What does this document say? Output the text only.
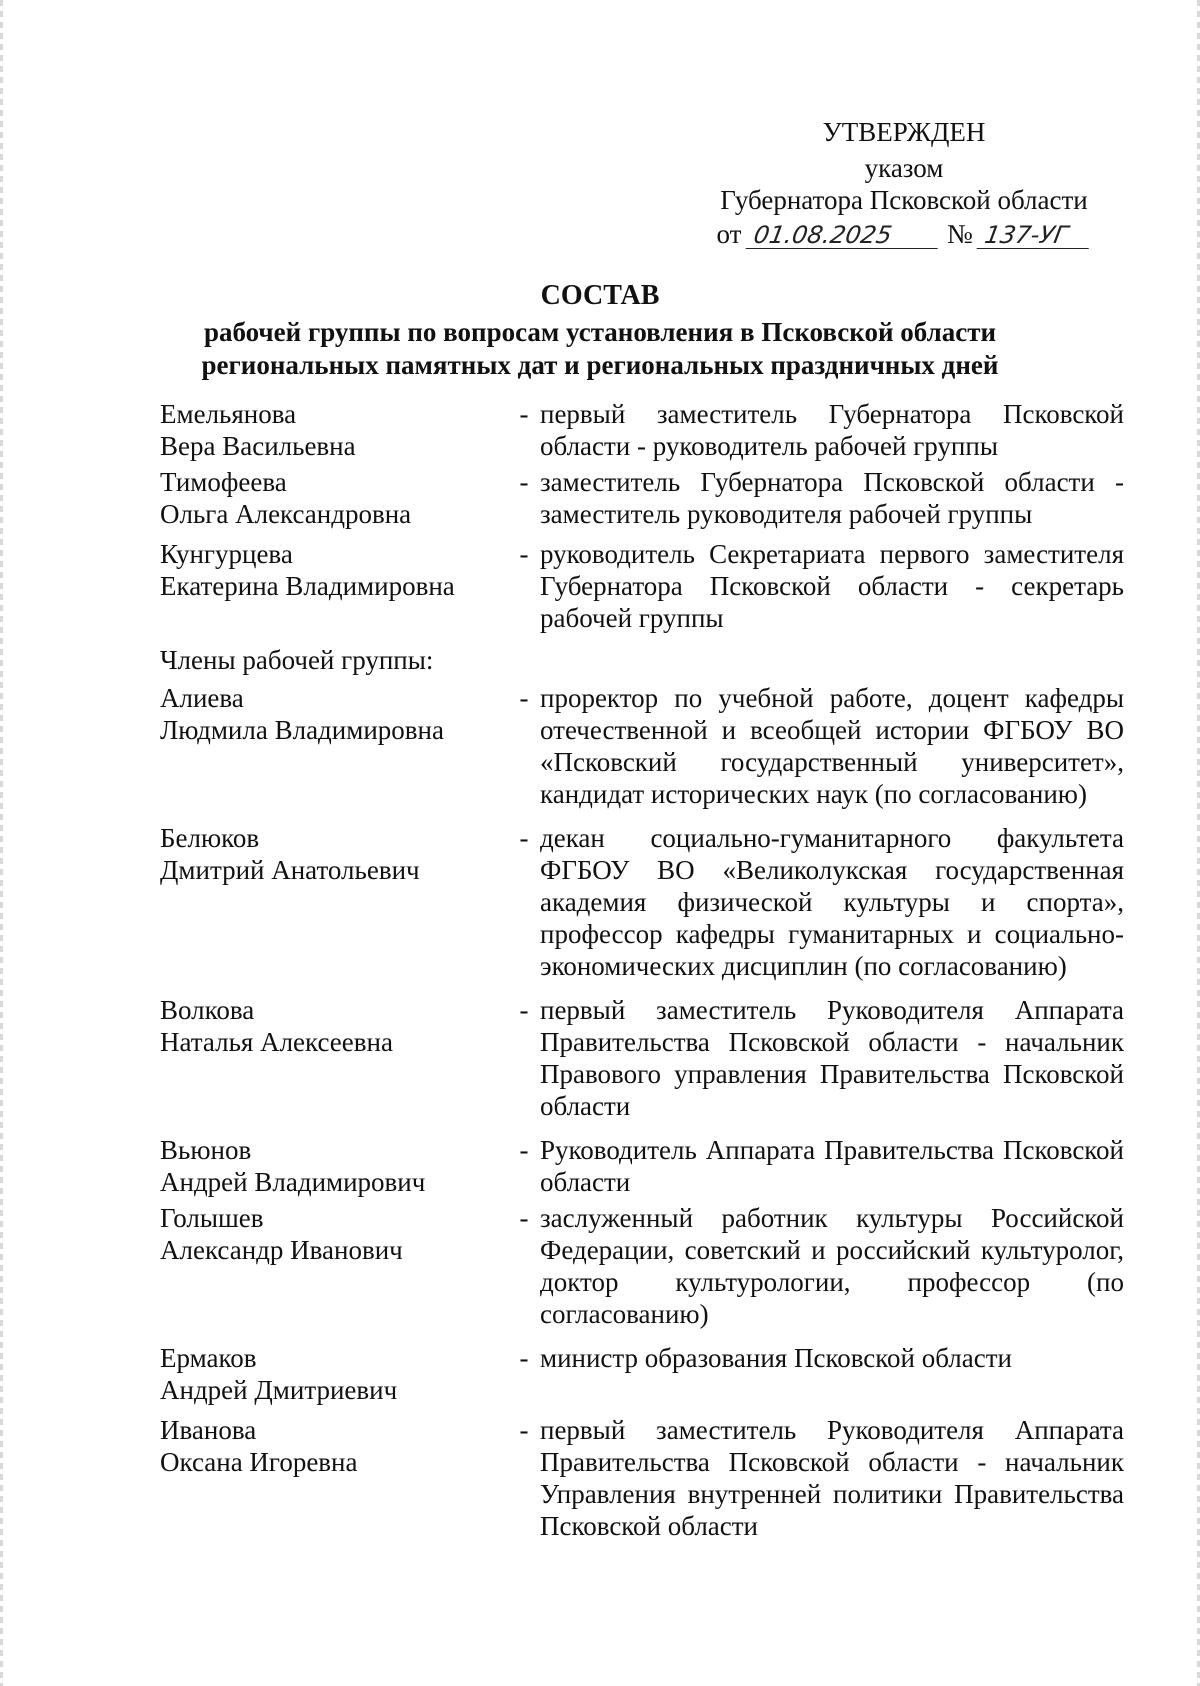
УТВЕРЖДЕН
указом
Губернатора Псковской области
от 01.08.2025 № 137-УГ
СОСТАВ
рабочей группы по вопросам установления в Псковской области
региональных памятных дат и региональных праздничных дней
Емельянова
Вера Васильевна
- первый заместитель Губернатора Псковской области - руководитель рабочей группы
Тимофеева
Ольга Александровна
- заместитель Губернатора Псковской области - заместитель руководителя рабочей группы
Кунгурцева
Екатерина Владимировна
- руководитель Секретариата первого заместителя Губернатора Псковской области - секретарь рабочей группы
Члены рабочей группы:
Алиева
Людмила Владимировна
- проректор по учебной работе, доцент кафедры отечественной и всеобщей истории ФГБОУ ВО «Псковский государственный университет», кандидат исторических наук (по согласованию)
Белюков
Дмитрий Анатольевич
- декан социально-гуманитарного факультета ФГБОУ ВО «Великолукская государственная академия физической культуры и спорта», профессор кафедры гуманитарных и социально-экономических дисциплин (по согласованию)
Волкова
Наталья Алексеевна
- первый заместитель Руководителя Аппарата Правительства Псковской области - начальник Правового управления Правительства Псковской области
Вьюнов
Андрей Владимирович
- Руководитель Аппарата Правительства Псковской области
Голышев
Александр Иванович
- заслуженный работник культуры Российской Федерации, советский и российский культуролог, доктор культурологии, профессор (по согласованию)
Ермаков
Андрей Дмитриевич
- министр образования Псковской области
Иванова
Оксана Игоревна
- первый заместитель Руководителя Аппарата Правительства Псковской области - начальник Управления внутренней политики Правительства Псковской области
